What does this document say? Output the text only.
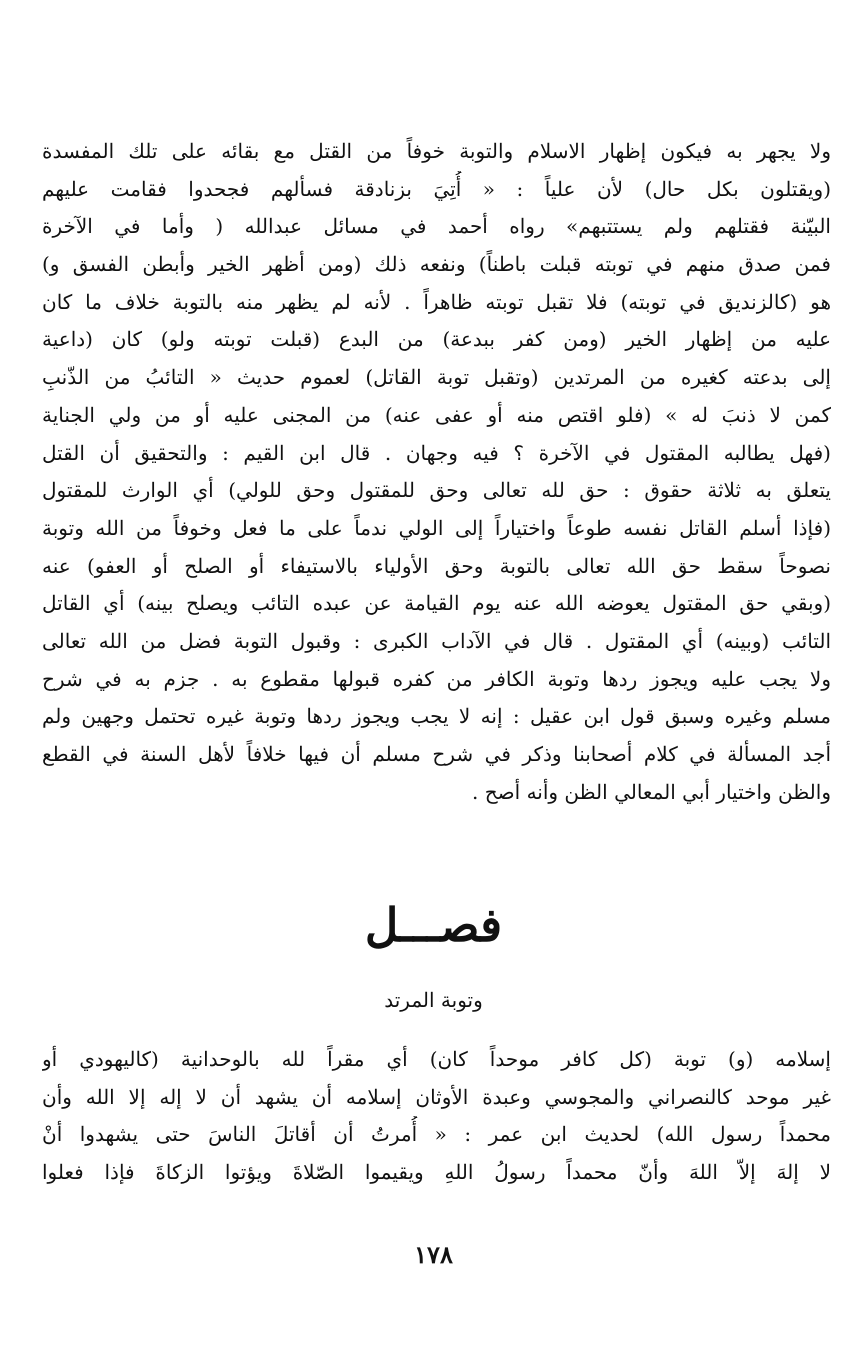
ولا يجهر به فيكون إظهار الاسلام والتوبة خوفاً من القتل مع بقائه على تلك المفسدة
(ويقتلون بكل حال) لأن علياً : « أُتِيَ بزنادقة فسألهم فجحدوا فقامت عليهم
البيّنة فقتلهم ولم يستتبهم» رواه أحمد في مسائل عبدالله ( وأما في الآخرة
فمن صدق منهم في توبته قبلت باطناً) ونفعه ذلك (ومن أظهر الخير وأبطن الفسق و)
هو (كالزنديق في توبته) فلا تقبل توبته ظاهراً . لأنه لم يظهر منه بالتوبة خلاف ما كان
عليه من إظهار الخير (ومن كفر ببدعة) من البدع (قبلت توبته ولو) كان (داعية
إلى بدعته كغيره من المرتدين (وتقبل توبة القاتل) لعموم حديث « التائبُ من الذّنبِ
كمن لا ذنبَ له » (فلو اقتص منه أو عفى عنه) من المجنى عليه أو من ولي الجناية
(فهل يطالبه المقتول في الآخرة ؟ فيه وجهان . قال ابن القيم : والتحقيق أن القتل
يتعلق به ثلاثة حقوق : حق لله تعالى وحق للمقتول وحق للولي) أي الوارث للمقتول
(فإذا أسلم القاتل نفسه طوعاً واختياراً إلى الولي ندماً على ما فعل وخوفاً من الله وتوبة
نصوحاً سقط حق الله تعالى بالتوبة وحق الأولياء بالاستيفاء أو الصلح أو العفو) عنه
(وبقي حق المقتول يعوضه الله عنه يوم القيامة عن عبده التائب ويصلح بينه) أي القاتل
التائب (وبينه) أي المقتول . قال في الآداب الكبرى : وقبول التوبة فضل من الله تعالى
ولا يجب عليه ويجوز ردها وتوبة الكافر من كفره قبولها مقطوع به . جزم به في شرح
مسلم وغيره وسبق قول ابن عقيل : إنه لا يجب ويجوز ردها وتوبة غيره تحتمل وجهين ولم
أجد المسألة في كلام أصحابنا وذكر في شرح مسلم أن فيها خلافاً لأهل السنة في القطع
والظن واختيار أبي المعالي الظن وأنه أصح .
فصـــل
وتوبة المرتد
إسلامه (و) توبة (كل كافر موحداً كان) أي مقراً لله بالوحدانية (كاليهودي أو
غير موحد كالنصراني والمجوسي وعبدة الأوثان إسلامه أن يشهد أن لا إله إلا الله وأن
محمداً رسول الله) لحديث ابن عمر : « أُمرتُ أن أقاتلَ الناسَ حتى يشهدوا أنْ
لا إلهَ إلاّ اللهَ وأنّ محمداً رسولُ اللهِ ويقيموا الصّلاةَ ويؤتوا الزكاةَ فإذا فعلوا
١٧٨
